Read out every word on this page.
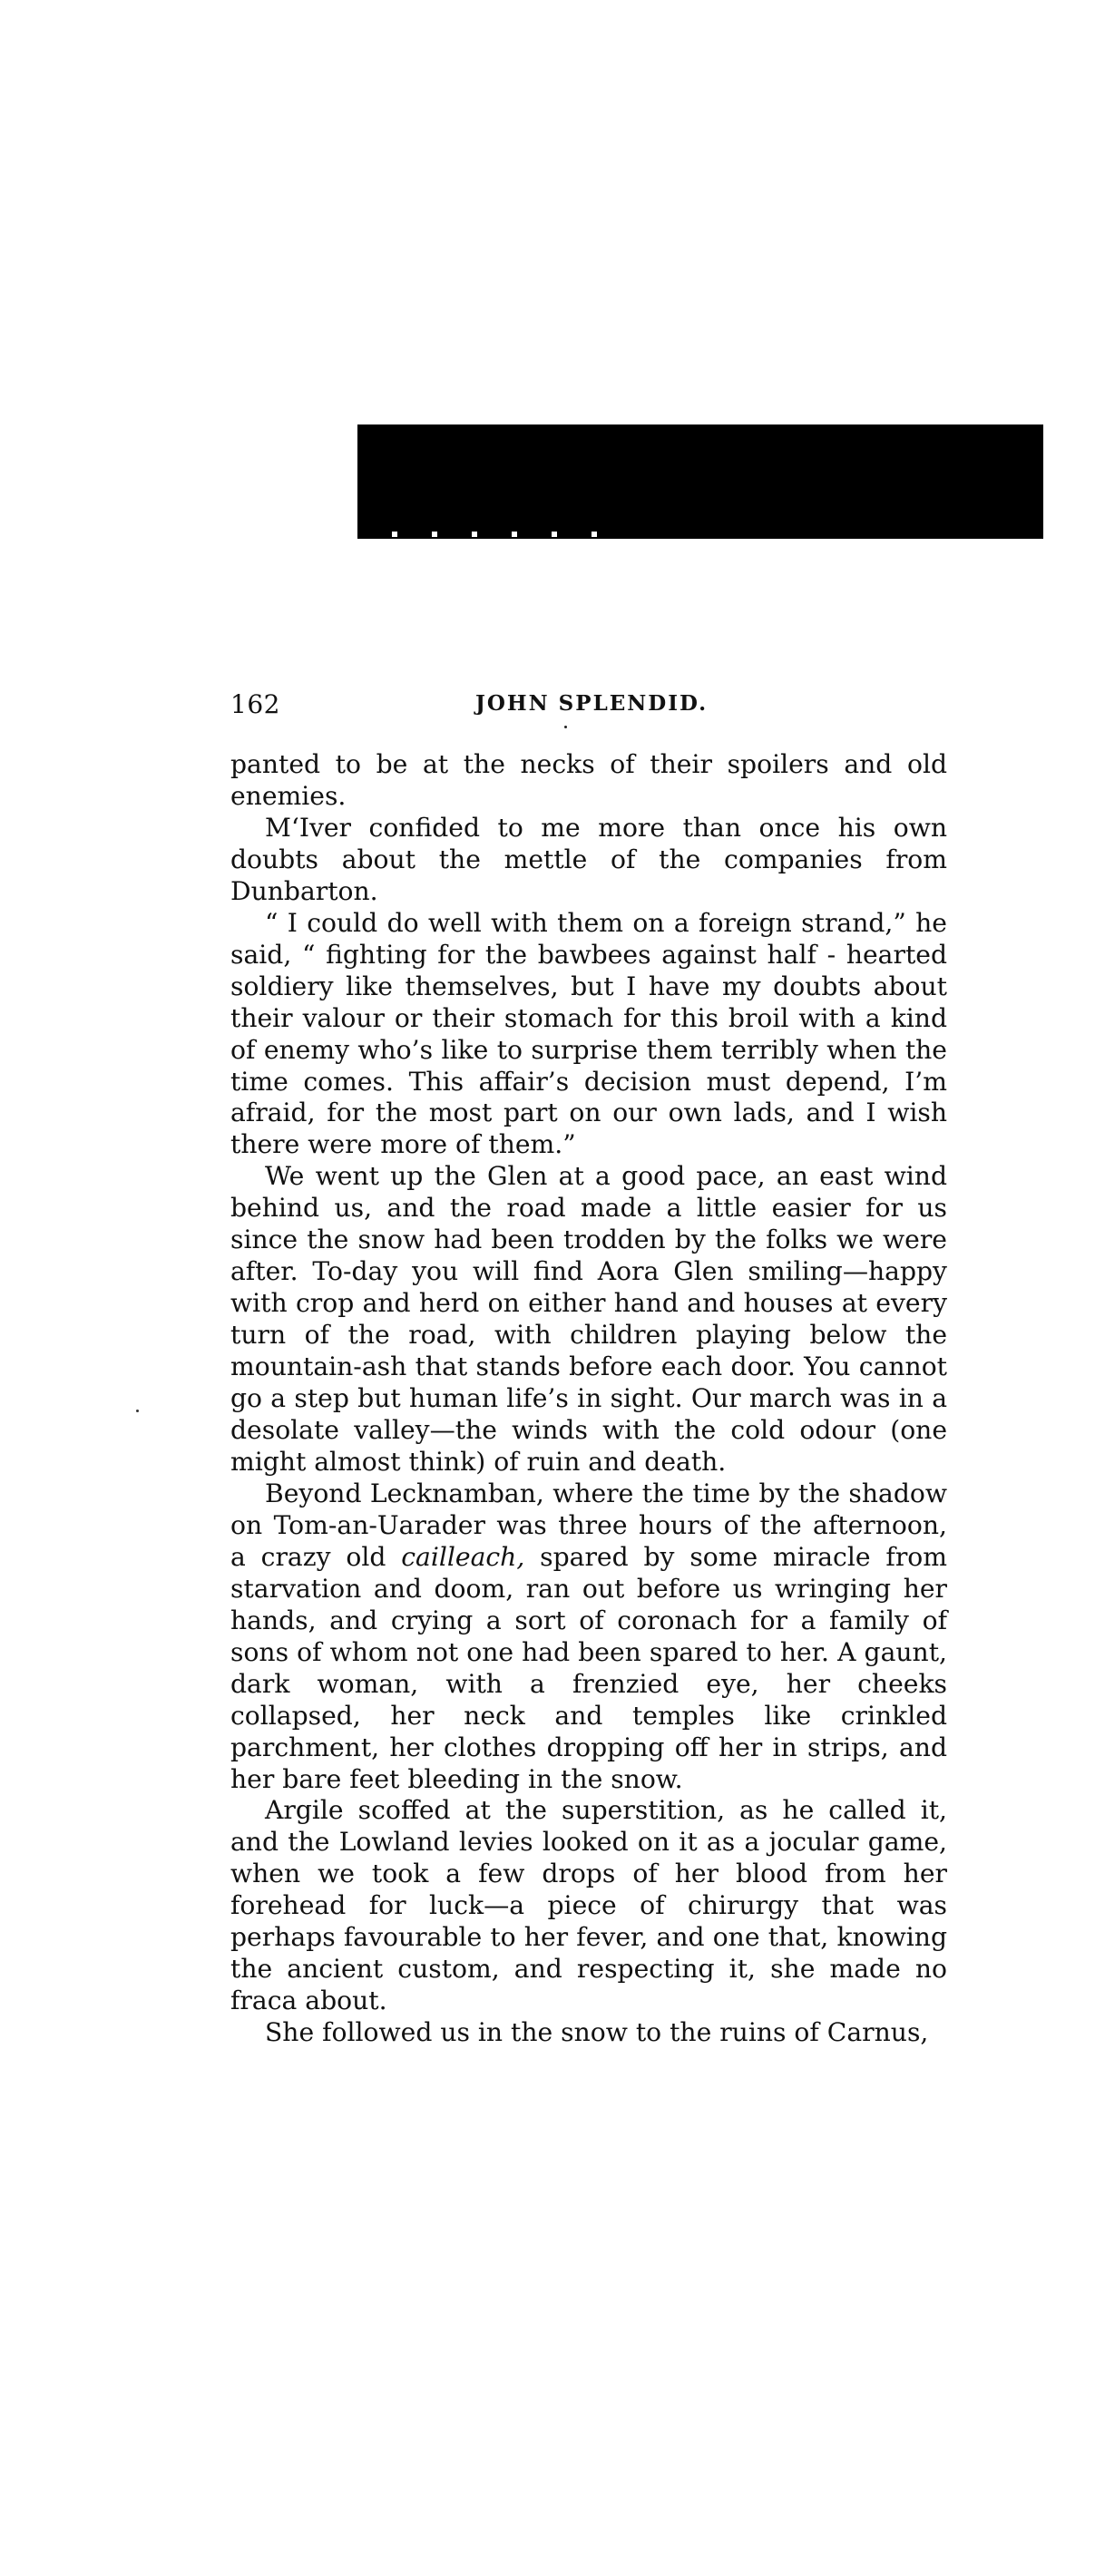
162	JOHN SPLENDID.

panted to be at the necks of their spoilers and old enemies.

M‘Iver confided to me more than once his own doubts about the mettle of the companies from Dunbarton.

“ I could do well with them on a foreign strand,” he said, “ fighting for the bawbees against half - hearted soldiery like themselves, but I have my doubts about their valour or their stomach for this broil with a kind of enemy who’s like to surprise them terribly when the time comes. This affair’s decision must depend, I’m afraid, for the most part on our own lads, and I wish there were more of them.”

We went up the Glen at a good pace, an east wind behind us, and the road made a little easier for us since the snow had been trodden by the folks we were after. To-day you will find Aora Glen smiling—happy with crop and herd on either hand and houses at every turn of the road, with children playing below the mountain-ash that stands before each door. You cannot go a step but human life’s in sight. Our march was in a desolate valley—the winds with the cold odour (one might almost think) of ruin and death.

Beyond Lecknamban, where the time by the shadow on Tom-an-Uarader was three hours of the afternoon, a crazy old cailleach, spared by some miracle from starvation and doom, ran out before us wringing her hands, and crying a sort of coronach for a family of sons of whom not one had been spared to her. A gaunt, dark woman, with a frenzied eye, her cheeks collapsed, her neck and temples like crinkled parchment, her clothes dropping off her in strips, and her bare feet bleeding in the snow.

Argile scoffed at the superstition, as he called it, and the Lowland levies looked on it as a jocular game, when we took a few drops of her blood from her forehead for luck—a piece of chirurgy that was perhaps favourable to her fever, and one that, knowing the ancient custom, and respecting it, she made no fraca about.

She followed us in the snow to the ruins of Carnus,
